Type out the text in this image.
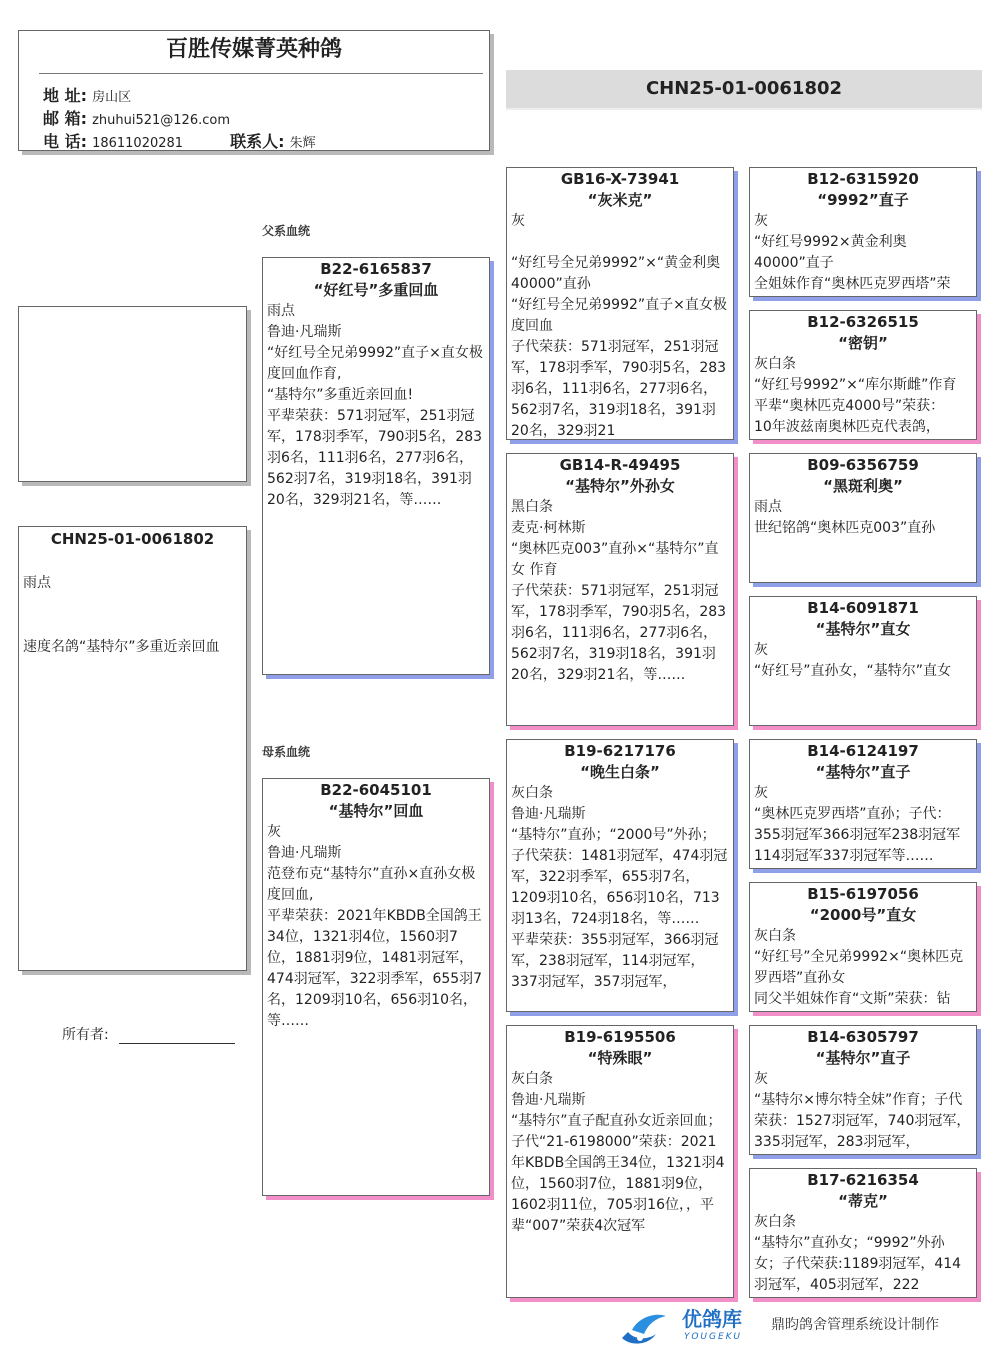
百胜传媒菁英种鸽
地 址: 房山区
邮 箱: zhuhui521@126.com
电 话: 18611020281	联系人: 朱辉
CHN25-01-0061802
CHN25-01-0061802
雨点
速度名鸽“基特尔”多重近亲回血
所有者:
父系血统
母系血统
B22-6165837
“好红号”多重回血
雨点
鲁迪·凡瑞斯
“好红号全兄弟9992”直子×直女极度回血作育,
“基特尔”多重近亲回血!
平辈荣获：571羽冠军，251羽冠军，178羽季军，790羽5名，283羽6名，111羽6名，277羽6名，562羽7名，319羽18名，391羽20名，329羽21名，等……
B22-6045101
“基特尔”回血
灰
鲁迪·凡瑞斯
范登布克“基特尔”直孙×直孙女极度回血,
平辈荣获：2021年KBDB全国鸽王34位，1321羽4位，1560羽7位，1881羽9位，1481羽冠军，474羽冠军，322羽季军，655羽7名，1209羽10名，656羽10名，等……
GB16-X-73941
“灰米克”
灰

“好红号全兄弟9992”×“黄金利奥40000”直孙
“好红号全兄弟9992”直子×直女极度回血
子代荣获：571羽冠军，251羽冠军，178羽季军，790羽5名，283羽6名，111羽6名，277羽6名，562羽7名，319羽18名，391羽20名，329羽21
GB14-R-49495
“基特尔”外孙女
黑白条
麦克·柯林斯
“奥林匹克003”直孙×“基特尔”直女 作育
子代荣获：571羽冠军，251羽冠军，178羽季军，790羽5名，283羽6名，111羽6名，277羽6名，562羽7名，319羽18名，391羽20名，329羽21名，等……
B19-6217176
“晚生白条”
灰白条
鲁迪·凡瑞斯
“基特尔”直孙；“2000号”外孙；子代荣获：1481羽冠军，474羽冠军，322羽季军，655羽7名，1209羽10名，656羽10名，713羽13名，724羽18名，等……
平辈荣获：355羽冠军，366羽冠军，238羽冠军，114羽冠军，337羽冠军，357羽冠军，
B19-6195506
“特殊眼”
灰白条
鲁迪·凡瑞斯
“基特尔”直子配直孙女近亲回血；子代“21-6198000”荣获：2021年KBDB全国鸽王34位，1321羽4位，1560羽7位，1881羽9位，1602羽11位，705羽16位，，平辈“007”荣获4次冠军
B12-6315920
“9992”直子
灰
“好红号9992×黄金利奥40000”直子
全姐妹作育“奥林匹克罗西塔”荣
B12-6326515
“密钥”
灰白条
“好红号9992”×“库尔斯雌”作育
平辈“奥林匹克4000号”荣获：
10年波兹南奥林匹克代表鸽，
B09-6356759
“黑斑利奥”
雨点
世纪铭鸽“奥林匹克003”直孙
B14-6091871
“基特尔”直女
灰
“好红号”直孙女，“基特尔”直女
B14-6124197
“基特尔”直子
灰
“奥林匹克罗西塔”直孙；子代：355羽冠军366羽冠军238羽冠军114羽冠军337羽冠军等……
B15-6197056
“2000号”直女
灰白条
“好红号”全兄弟9992×“奥林匹克罗西塔”直孙女
同父半姐妹作育“文斯”荣获：钻
B14-6305797
“基特尔”直子
灰
“基特尔×博尔特全妹”作育；子代荣获：1527羽冠军，740羽冠军，335羽冠军，283羽冠军，
B17-6216354
“蒂克”
灰白条
“基特尔”直孙女；“9992”外孙女；子代荣获:1189羽冠军，414羽冠军，405羽冠军，222
优鸽库
YOUGEKU
鼎昀鸽舍管理系统设计制作
